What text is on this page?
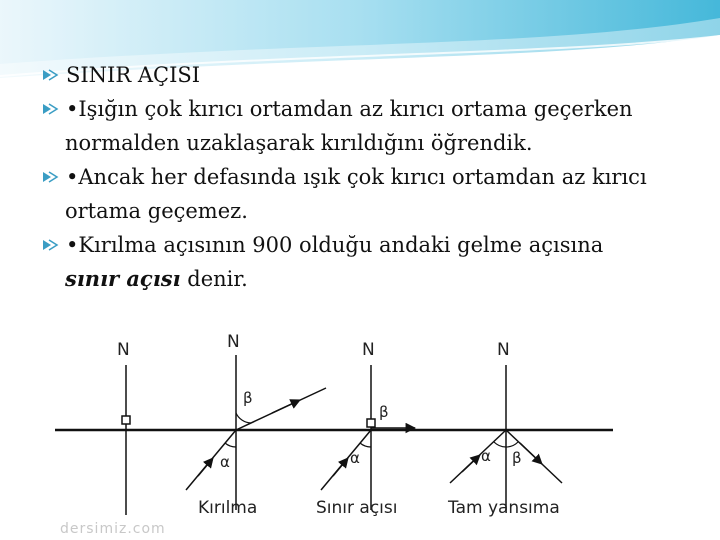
SINIR AÇISI
•Işığın çok kırıcı ortamdan az kırıcı ortama geçerken
normalden uzaklaşarak kırıldığını öğrendik.
•Ancak her defasında ışık çok kırıcı ortamdan az kırıcı
ortama geçemez.
•Kırılma açısının 900 olduğu andaki gelme açısına
sınır açısı denir.
N	N
β
α
Kırılma
N
β
α
Sınır açısı
N
α β
Tam yansıma
dersimiz.com
